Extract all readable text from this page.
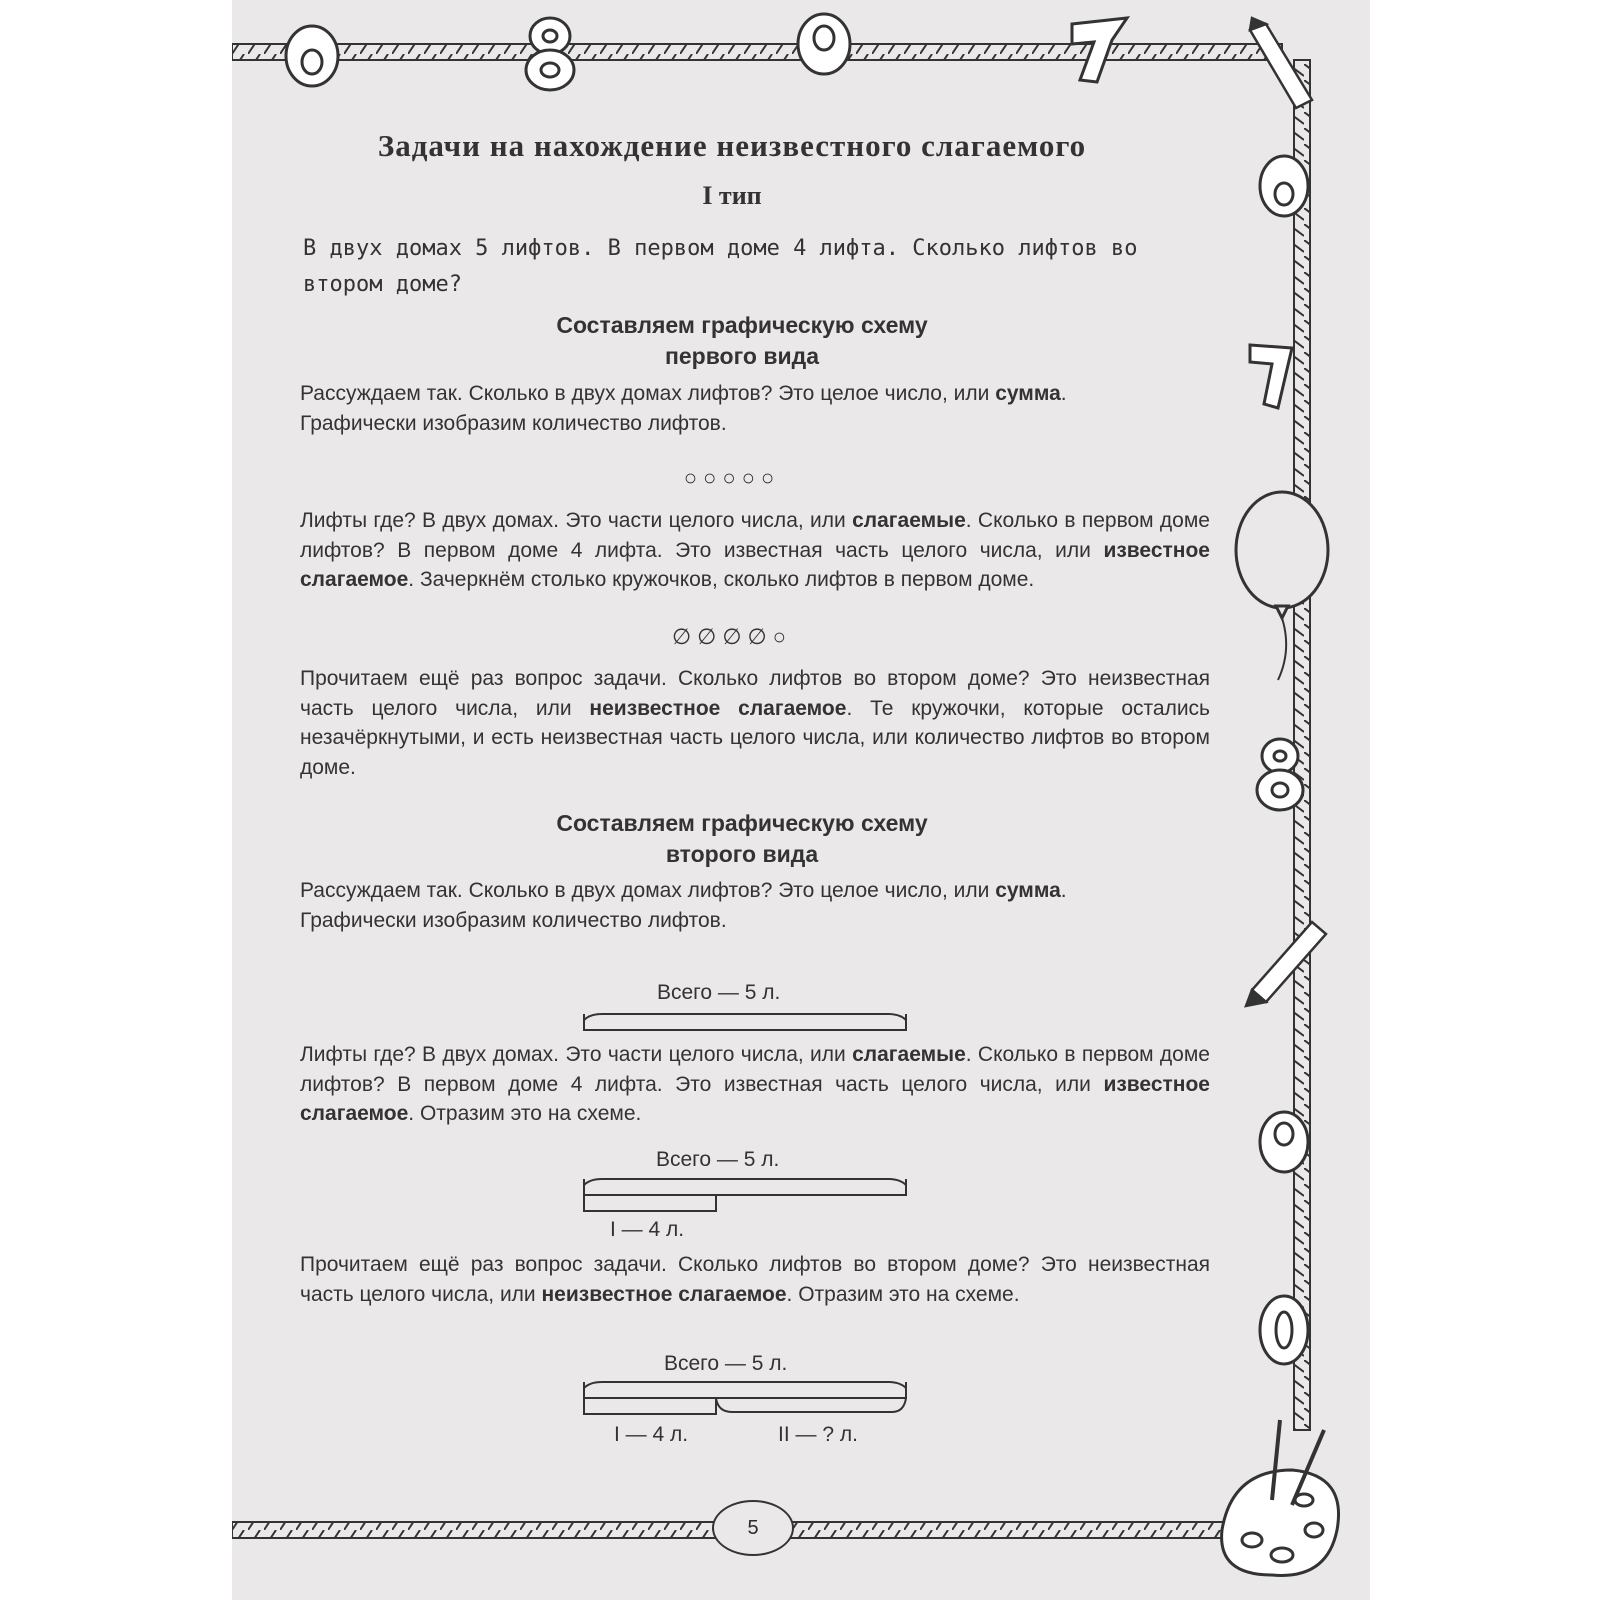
Задачи на нахождение неизвестного слагаемого
I тип
В двух домах 5 лифтов. В первом доме 4 лифта. Сколько лифтов во втором доме?
Составляем графическую схему
первого вида
Рассуждаем так. Сколько в двух домах лифтов? Это целое число, или сумма.
Графически изобразим количество лифтов.
○○○○○
Лифты где? В двух домах. Это части целого числа, или слагаемые. Сколько в первом доме лифтов? В первом доме 4 лифта. Это известная часть целого числа, или известное слагаемое. Зачеркнём столько кружочков, сколько лифтов в первом доме.
∅∅∅∅○
Прочитаем ещё раз вопрос задачи. Сколько лифтов во втором доме? Это неизвестная часть целого числа, или неизвестное слагаемое. Те кружочки, которые остались незачёркнутыми, и есть неизвестная часть целого числа, или количество лифтов во втором доме.
Составляем графическую схему
второго вида
Рассуждаем так. Сколько в двух домах лифтов? Это целое число, или сумма.
Графически изобразим количество лифтов.
Всего — 5 л.
Лифты где? В двух домах. Это части целого числа, или слагаемые. Сколько в первом доме лифтов? В первом доме 4 лифта. Это известная часть целого числа, или известное слагаемое. Отразим это на схеме.
Всего — 5 л.
I — 4 л.
Прочитаем ещё раз вопрос задачи. Сколько лифтов во втором доме? Это неизвестная часть целого числа, или неизвестное слагаемое. Отразим это на схеме.
Всего — 5 л.
I — 4 л.	II — ? л.
5
